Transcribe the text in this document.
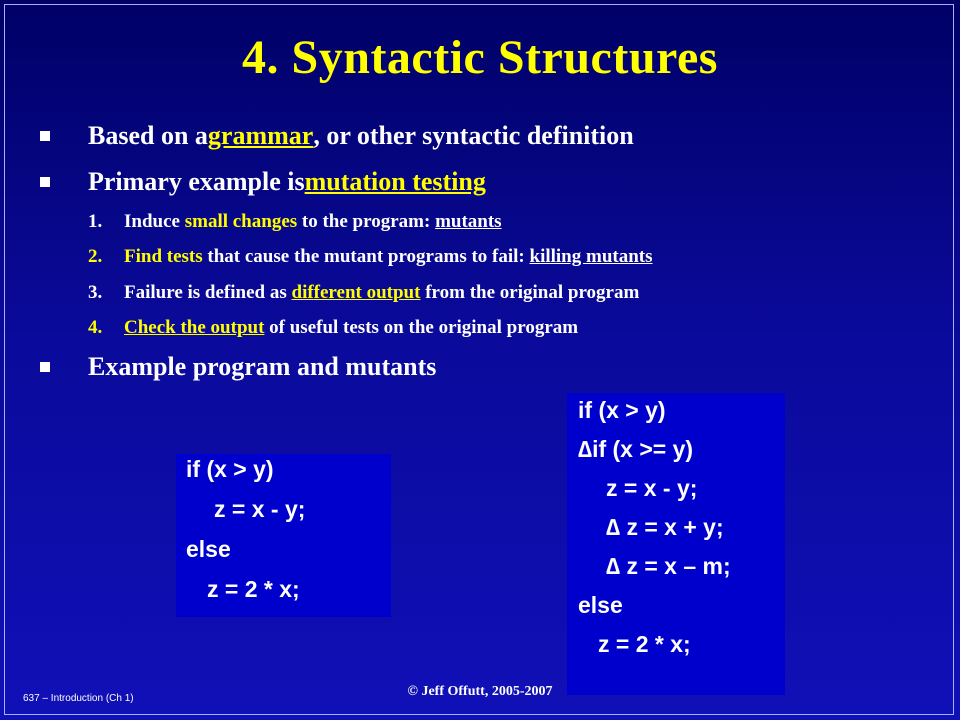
4. Syntactic Structures
Based on a grammar , or other syntactic definition
Primary example is mutation testing
1. Induce small changes to the program: mutants
2. Find tests that cause the mutant programs to fail: killing mutants
3. Failure is defined as different output from the original program
4. Check the output of useful tests on the original program
Example program and mutants
if (x > y)
z = x - y;
else
z = 2 * x;
if (x > y)
∆if (x >= y)
z = x - y;
∆ z = x + y;
∆ z = x – m;
else
z = 2 * x;
637 – Introduction (Ch 1)	© Jeff Offutt, 2005-2007
